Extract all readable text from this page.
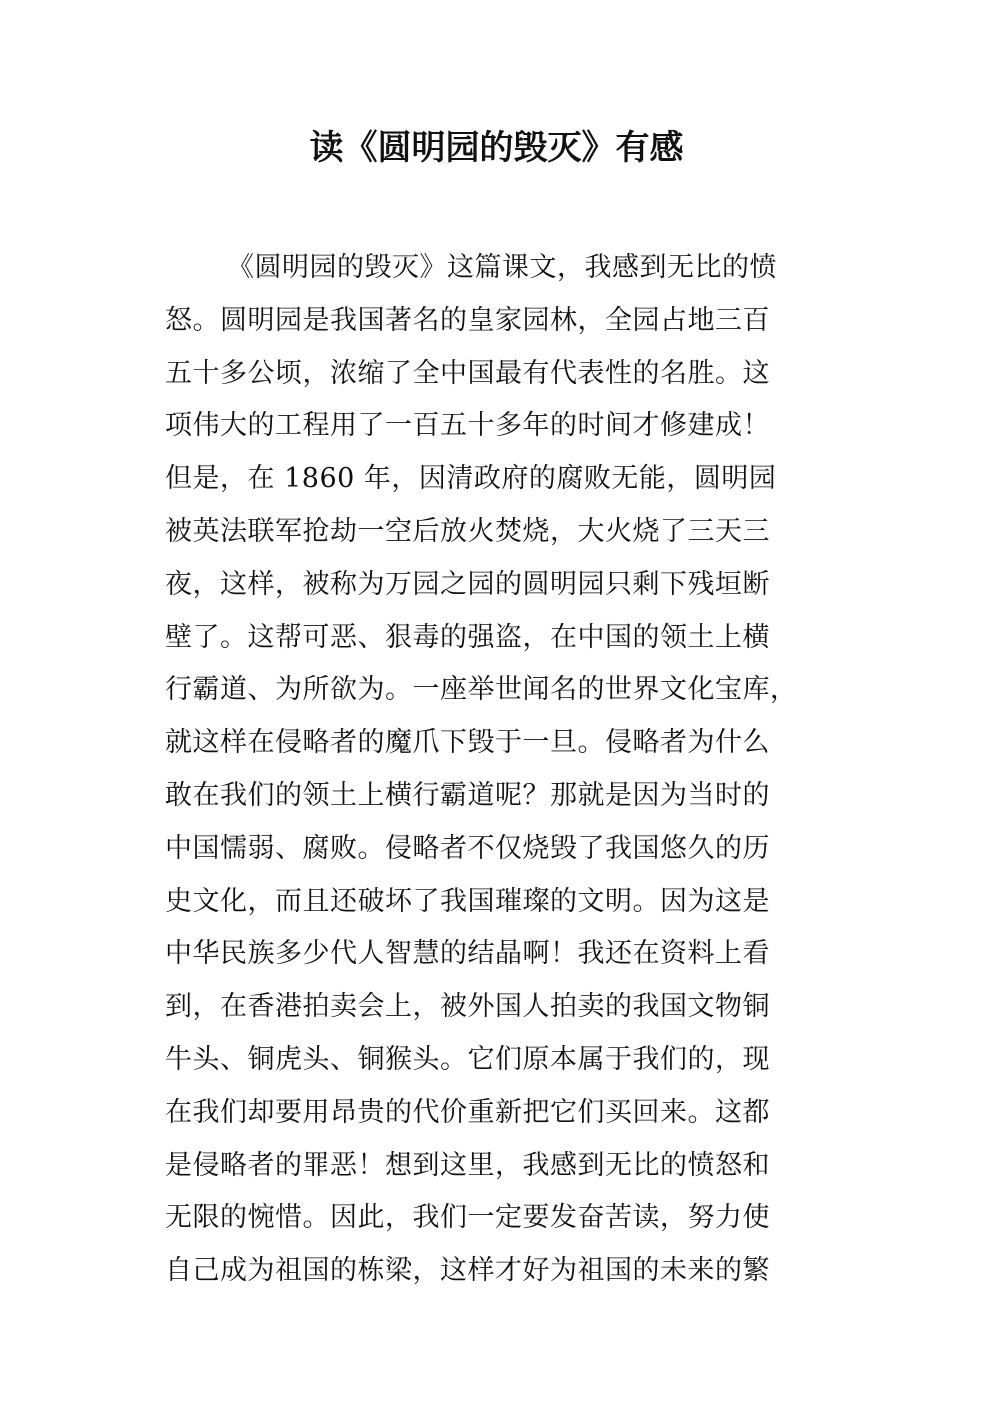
读《圆明园的毁灭》有感
《圆明园的毁灭》这篇课文，我感到无比的愤
怒。圆明园是我国著名的皇家园林，全园占地三百
五十多公顷，浓缩了全中国最有代表性的名胜。这
项伟大的工程用了一百五十多年的时间才修建成！
但是，在 1860 年，因清政府的腐败无能，圆明园
被英法联军抢劫一空后放火焚烧，大火烧了三天三
夜，这样，被称为万园之园的圆明园只剩下残垣断
壁了。这帮可恶、狠毒的强盗，在中国的领土上横
行霸道、为所欲为。一座举世闻名的世界文化宝库，
就这样在侵略者的魔爪下毁于一旦。侵略者为什么
敢在我们的领土上横行霸道呢？那就是因为当时的
中国懦弱、腐败。侵略者不仅烧毁了我国悠久的历
史文化，而且还破坏了我国璀璨的文明。因为这是
中华民族多少代人智慧的结晶啊！我还在资料上看
到，在香港拍卖会上，被外国人拍卖的我国文物铜
牛头、铜虎头、铜猴头。它们原本属于我们的，现
在我们却要用昂贵的代价重新把它们买回来。这都
是侵略者的罪恶！想到这里，我感到无比的愤怒和
无限的惋惜。因此，我们一定要发奋苦读，努力使
自己成为祖国的栋梁，这样才好为祖国的未来的繁
